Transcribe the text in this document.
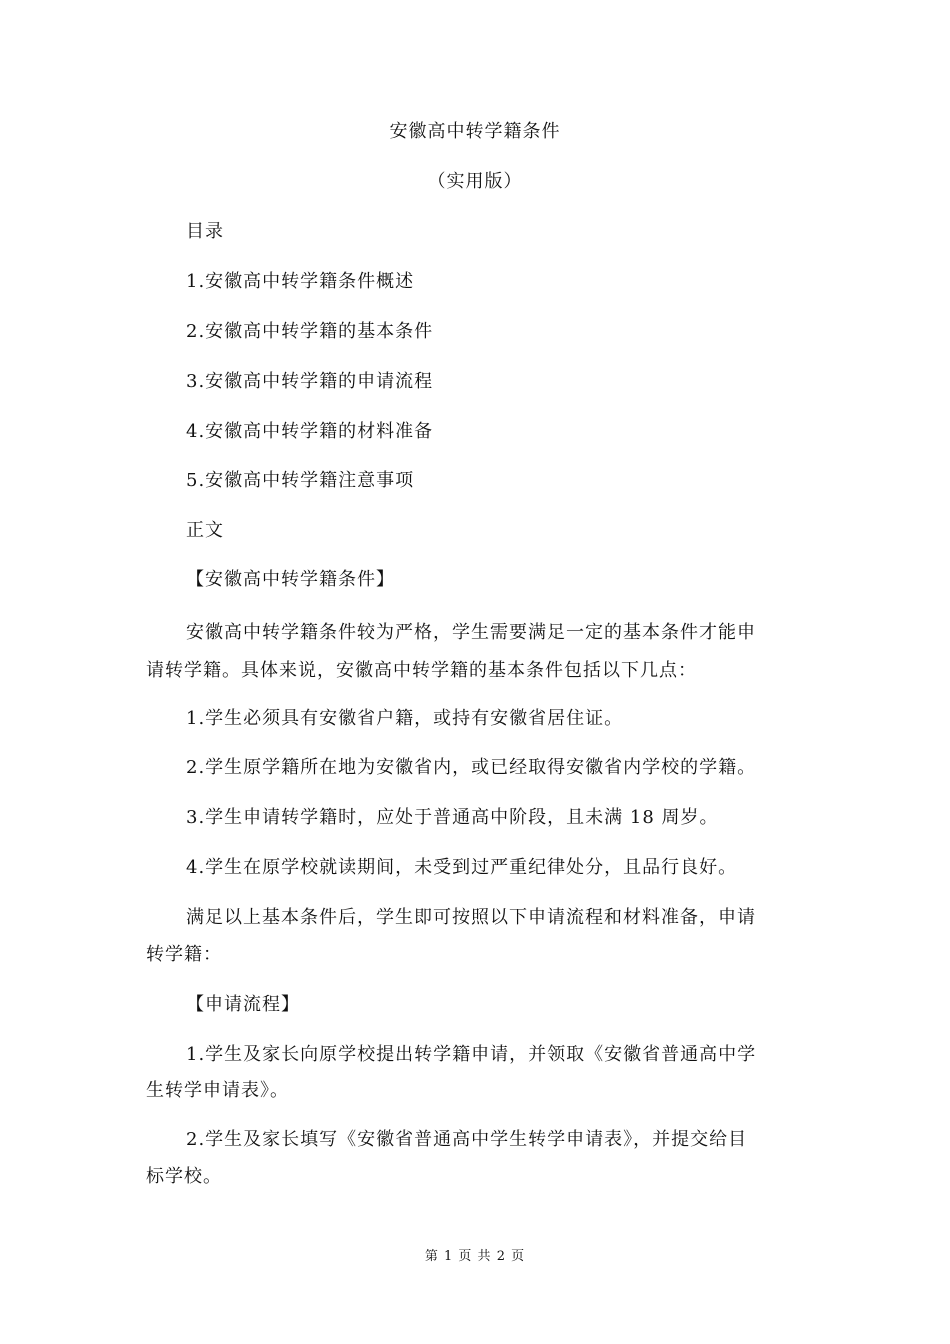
安徽高中转学籍条件
（实用版）
目录
1.安徽高中转学籍条件概述
2.安徽高中转学籍的基本条件
3.安徽高中转学籍的申请流程
4.安徽高中转学籍的材料准备
5.安徽高中转学籍注意事项
正文
【安徽高中转学籍条件】
安徽高中转学籍条件较为严格，学生需要满足一定的基本条件才能申
请转学籍。具体来说，安徽高中转学籍的基本条件包括以下几点：
1.学生必须具有安徽省户籍，或持有安徽省居住证。
2.学生原学籍所在地为安徽省内，或已经取得安徽省内学校的学籍。
3.学生申请转学籍时，应处于普通高中阶段，且未满 18 周岁。
4.学生在原学校就读期间，未受到过严重纪律处分，且品行良好。
满足以上基本条件后，学生即可按照以下申请流程和材料准备，申请
转学籍：
【申请流程】
1.学生及家长向原学校提出转学籍申请，并领取《安徽省普通高中学
生转学申请表》。
2.学生及家长填写《安徽省普通高中学生转学申请表》，并提交给目
标学校。
第 1 页 共 2 页
